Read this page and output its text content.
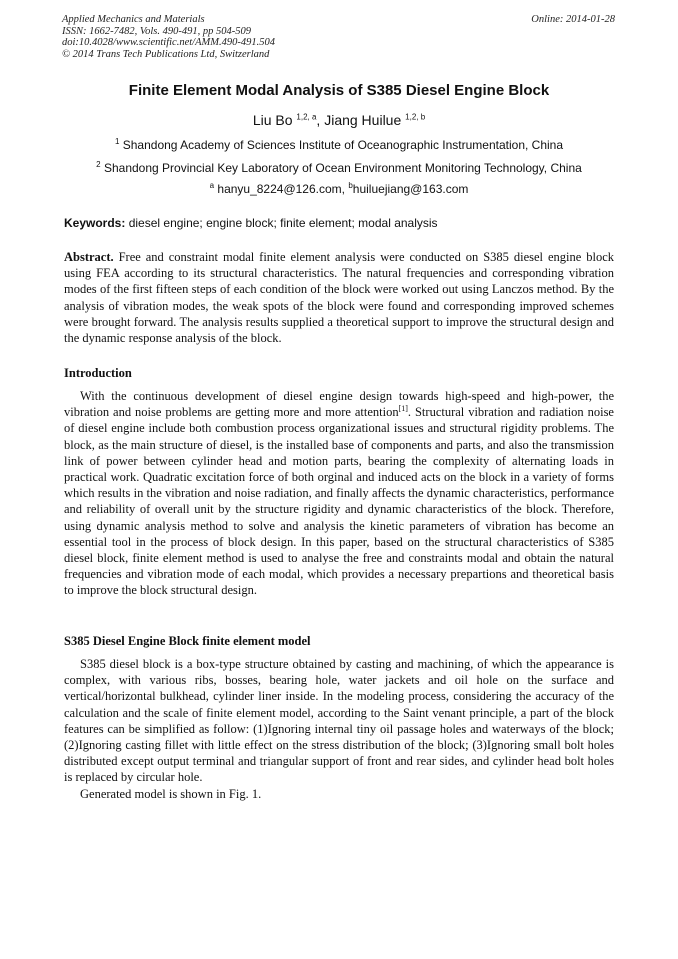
Applied Mechanics and Materials
ISSN: 1662-7482, Vols. 490-491, pp 504-509
doi:10.4028/www.scientific.net/AMM.490-491.504
© 2014 Trans Tech Publications Ltd, Switzerland
Online: 2014-01-28
Finite Element Modal Analysis of S385 Diesel Engine Block
Liu Bo $^{1,2, a}$, Jiang Huilue $^{1,2, b}$
$^1$ Shandong Academy of Sciences Institute of Oceanographic Instrumentation, China
$^2$ Shandong Provincial Key Laboratory of Ocean Environment Monitoring Technology, China
$^a$ hanyu_8224@126.com, $^b$huiluejiang@163.com
Keywords: diesel engine; engine block; finite element; modal analysis
Abstract. Free and constraint modal finite element analysis were conducted on S385 diesel engine block using FEA according to its structural characteristics. The natural frequencies and corresponding vibration modes of the first fifteen steps of each condition of the block were worked out using Lanczos method. By the analysis of vibration modes, the weak spots of the block were found and corresponding improved schemes were brought forward. The analysis results supplied a theoretical support to improve the structural design and the dynamic response analysis of the block.
Introduction
With the continuous development of diesel engine design towards high-speed and high-power, the vibration and noise problems are getting more and more attention[1]. Structural vibration and radiation noise of diesel engine include both combustion process organizational issues and structural rigidity problems. The block, as the main structure of diesel, is the installed base of components and parts, and also the transmission link of power between cylinder head and motion parts, bearing the complexity of alternating loads in practical work. Quadratic excitation force of both orginal and induced acts on the block in a variety of forms which results in the vibration and noise radiation, and finally affects the dynamic characteristics, performance and reliability of overall unit by the structure rigidity and dynamic characteristics of the block. Therefore, using dynamic analysis method to solve and analysis the kinetic parameters of vibration has become an essential tool in the process of block design. In this paper, based on the structural characteristics of S385 diesel block, finite element method is used to analyse the free and constraints modal and obtain the natural frequencies and vibration mode of each modal, which provides a necessary prepartions and theoretical basis to improve the block structural design.
S385 Diesel Engine Block finite element model
S385 diesel block is a box-type structure obtained by casting and machining, of which the appearance is complex, with various ribs, bosses, bearing hole, water jackets and oil hole on the surface and vertical/horizontal bulkhead, cylinder liner inside. In the modeling process, considering the accuracy of the calculation and the scale of finite element model, according to the Saint venant principle, a part of the block features can be simplified as follow: (1)Ignoring internal tiny oil passage holes and waterways of the block; (2)Ignoring casting fillet with little effect on the stress distribution of the block; (3)Ignoring small bolt holes distributed except output terminal and triangular support of front and rear sides, and cylinder head bolt holes is replaced by circular hole.
Generated model is shown in Fig. 1.
